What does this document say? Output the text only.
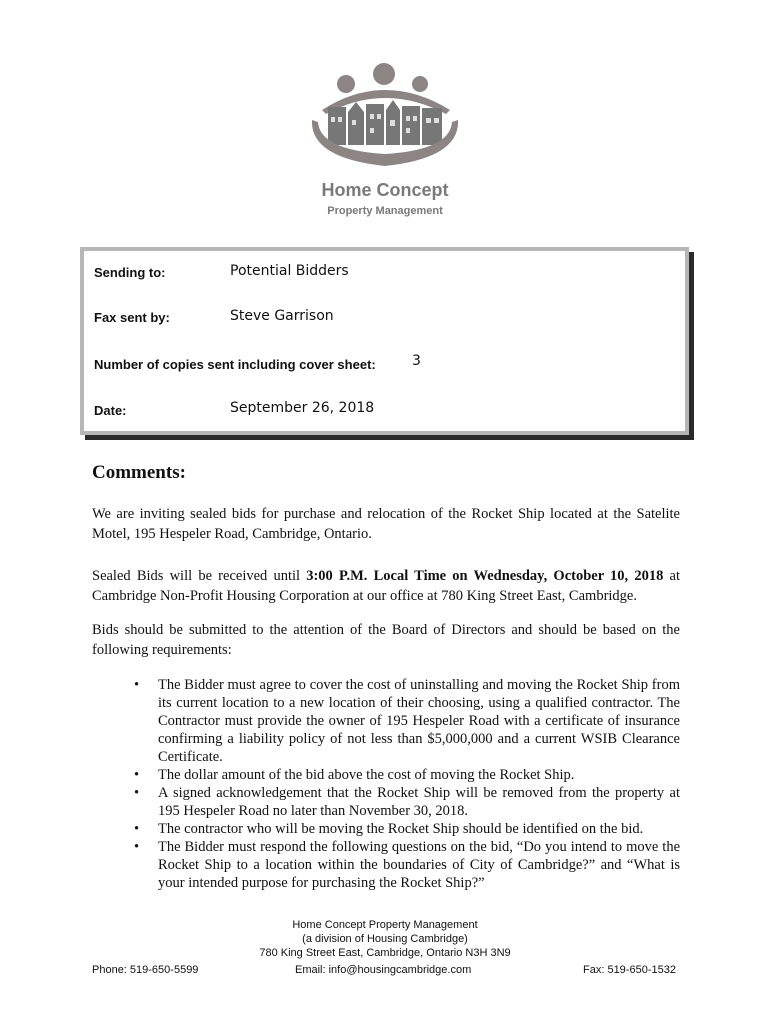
Home Concept
Property Management
Sending to:	Potential Bidders
Fax sent by:	Steve Garrison
Number of copies sent including cover sheet:	3
Date:	September 26, 2018
Comments:
We are inviting sealed bids for purchase and relocation of the Rocket Ship located at the Satelite Motel, 195 Hespeler Road, Cambridge, Ontario.
Sealed Bids will be received until 3:00 P.M. Local Time on Wednesday, October 10, 2018 at Cambridge Non-Profit Housing Corporation at our office at 780 King Street East, Cambridge.
Bids should be submitted to the attention of the Board of Directors and should be based on the following requirements:
• The Bidder must agree to cover the cost of uninstalling and moving the Rocket Ship from its current location to a new location of their choosing, using a qualified contractor. The Contractor must provide the owner of 195 Hespeler Road with a certificate of insurance confirming a liability policy of not less than $5,000,000 and a current WSIB Clearance Certificate.
• The dollar amount of the bid above the cost of moving the Rocket Ship.
• A signed acknowledgement that the Rocket Ship will be removed from the property at 195 Hespeler Road no later than November 30, 2018.
• The contractor who will be moving the Rocket Ship should be identified on the bid.
• The Bidder must respond the following questions on the bid, “Do you intend to move the Rocket Ship to a location within the boundaries of City of Cambridge?” and “What is your intended purpose for purchasing the Rocket Ship?”
Home Concept Property Management
(a division of Housing Cambridge)
780 King Street East, Cambridge, Ontario N3H 3N9
Phone: 519-650-5599	Email: info@housingcambridge.com	Fax: 519-650-1532
